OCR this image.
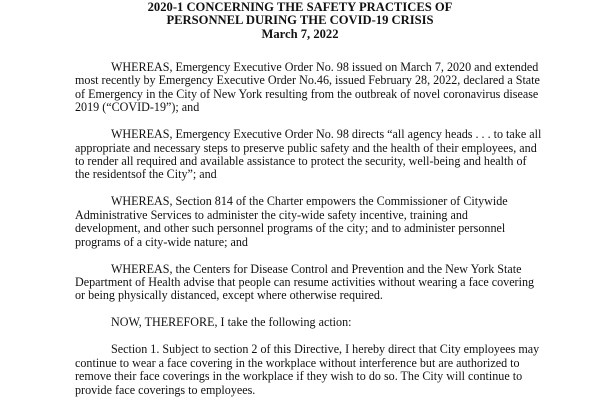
2020-1 CONCERNING THE SAFETY PRACTICES OF
PERSONNEL DURING THE COVID-19 CRISIS
March 7, 2022

WHEREAS, Emergency Executive Order No. 98 issued on March 7, 2020 and extended
most recently by Emergency Executive Order No.46, issued February 28, 2022, declared a State
of Emergency in the City of New York resulting from the outbreak of novel coronavirus disease
2019 (“COVID-19”); and

WHEREAS, Emergency Executive Order No. 98 directs “all agency heads . . . to take all
appropriate and necessary steps to preserve public safety and the health of their employees, and
to render all required and available assistance to protect the security, well-being and health of
the residentsof the City”; and

WHEREAS, Section 814 of the Charter empowers the Commissioner of Citywide
Administrative Services to administer the city-wide safety incentive, training and
development, and other such personnel programs of the city; and to administer personnel
programs of a city-wide nature; and

WHEREAS, the Centers for Disease Control and Prevention and the New York State
Department of Health advise that people can resume activities without wearing a face covering
or being physically distanced, except where otherwise required.

NOW, THEREFORE, I take the following action:

Section 1. Subject to section 2 of this Directive, I hereby direct that City employees may
continue to wear a face covering in the workplace without interference but are authorized to
remove their face coverings in the workplace if they wish to do so. The City will continue to
provide face coverings to employees.
